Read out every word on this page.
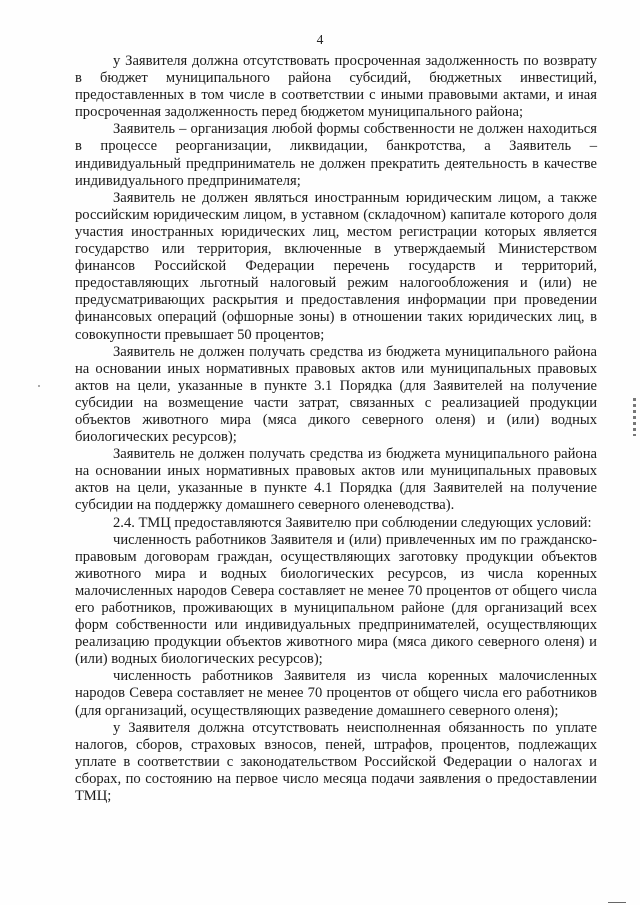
4

у Заявителя должна отсутствовать просроченная задолженность по возврату в бюджет муниципального района субсидий, бюджетных инвестиций, предоставленных в том числе в соответствии с иными правовыми актами, и иная просроченная задолженность перед бюджетом муниципального района;

Заявитель – организация любой формы собственности не должен находиться в процессе реорганизации, ликвидации, банкротства, а Заявитель – индивидуальный предприниматель не должен прекратить деятельность в качестве индивидуального предпринимателя;

Заявитель не должен являться иностранным юридическим лицом, а также российским юридическим лицом, в уставном (складочном) капитале которого доля участия иностранных юридических лиц, местом регистрации которых является государство или территория, включенные в утверждаемый Министерством финансов Российской Федерации перечень государств и территорий, предоставляющих льготный налоговый режим налогообложения и (или) не предусматривающих раскрытия и предоставления информации при проведении финансовых операций (офшорные зоны) в отношении таких юридических лиц, в совокупности превышает 50 процентов;

Заявитель не должен получать средства из бюджета муниципального района на основании иных нормативных правовых актов или муниципальных правовых актов на цели, указанные в пункте 3.1 Порядка (для Заявителей на получение субсидии на возмещение части затрат, связанных с реализацией продукции объектов животного мира (мяса дикого северного оленя) и (или) водных биологических ресурсов);

Заявитель не должен получать средства из бюджета муниципального района на основании иных нормативных правовых актов или муниципальных правовых актов на цели, указанные в пункте 4.1 Порядка (для Заявителей на получение субсидии на поддержку домашнего северного оленеводства).

2.4. ТМЦ предоставляются Заявителю при соблюдении следующих условий:

численность работников Заявителя и (или) привлеченных им по гражданско-правовым договорам граждан, осуществляющих заготовку продукции объектов животного мира и водных биологических ресурсов, из числа коренных малочисленных народов Севера составляет не менее 70 процентов от общего числа его работников, проживающих в муниципальном районе (для организаций всех форм собственности или индивидуальных предпринимателей, осуществляющих реализацию продукции объектов животного мира (мяса дикого северного оленя) и (или) водных биологических ресурсов);

численность работников Заявителя из числа коренных малочисленных народов Севера составляет не менее 70 процентов от общего числа его работников (для организаций, осуществляющих разведение домашнего северного оленя);

у Заявителя должна отсутствовать неисполненная обязанность по уплате налогов, сборов, страховых взносов, пеней, штрафов, процентов, подлежащих уплате в соответствии с законодательством Российской Федерации о налогах и сборах, по состоянию на первое число месяца подачи заявления о предоставлении ТМЦ;
